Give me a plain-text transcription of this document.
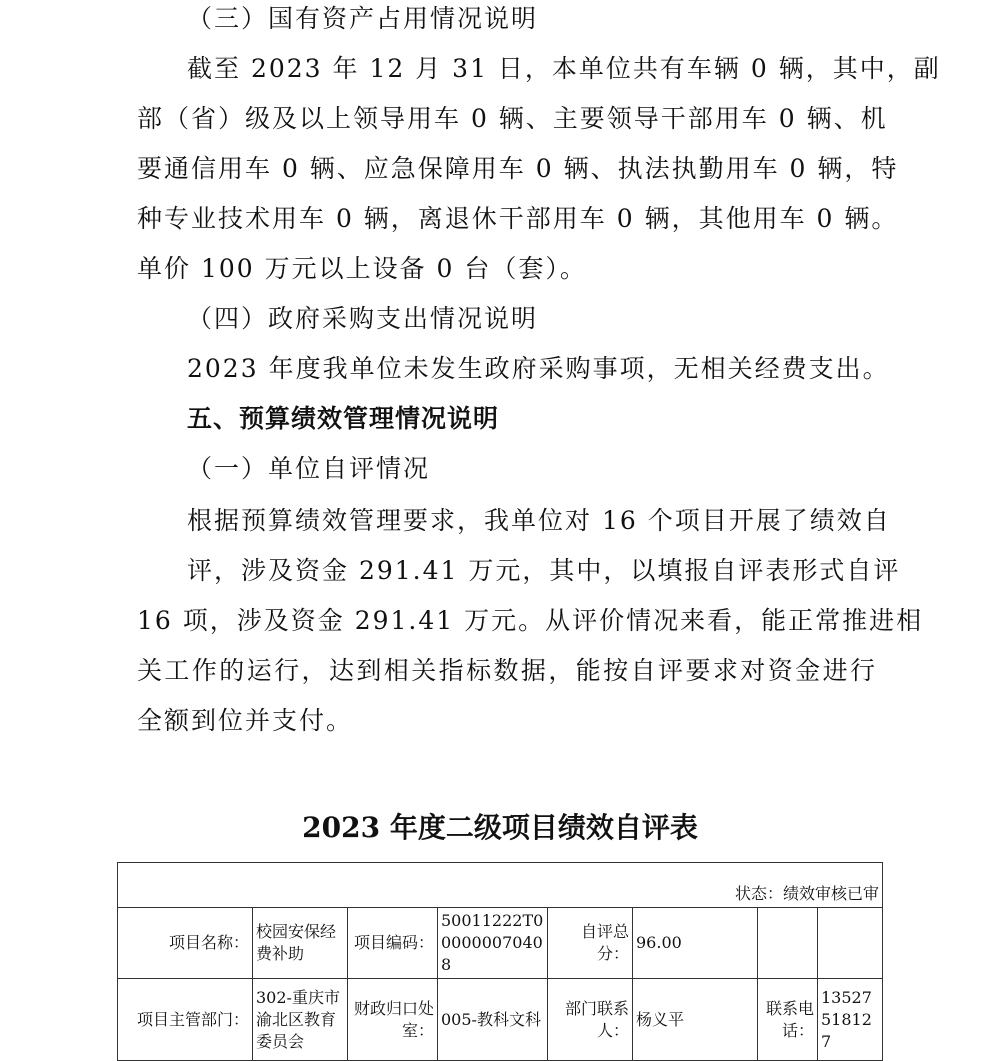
（三）国有资产占用情况说明
截至 2023 年 12 月 31 日，本单位共有车辆 0 辆，其中，副
部（省）级及以上领导用车 0 辆、主要领导干部用车 0 辆、机
要通信用车 0 辆、应急保障用车 0 辆、执法执勤用车 0 辆，特
种专业技术用车 0 辆，离退休干部用车 0 辆，其他用车 0 辆。
单价 100 万元以上设备 0 台（套）。
（四）政府采购支出情况说明
2023 年度我单位未发生政府采购事项，无相关经费支出。
五、预算绩效管理情况说明
（一）单位自评情况
根据预算绩效管理要求，我单位对 16 个项目开展了绩效自
评，涉及资金 291.41 万元，其中，以填报自评表形式自评
16 项，涉及资金 291.41 万元。从评价情况来看，能正常推进相
关工作的运行，达到相关指标数据，能按自评要求对资金进行
全额到位并支付。
2023 年度二级项目绩效自评表
状态：绩效审核已审							
项目名称：	校园安保经费补助	项目编码：	50011222T000000070408	自评总分：	96.00		
项目主管部门：	302-重庆市渝北区教育委员会	财政归口处室：	005-教科文科	部门联系人：	杨义平	联系电话：	13527518127
